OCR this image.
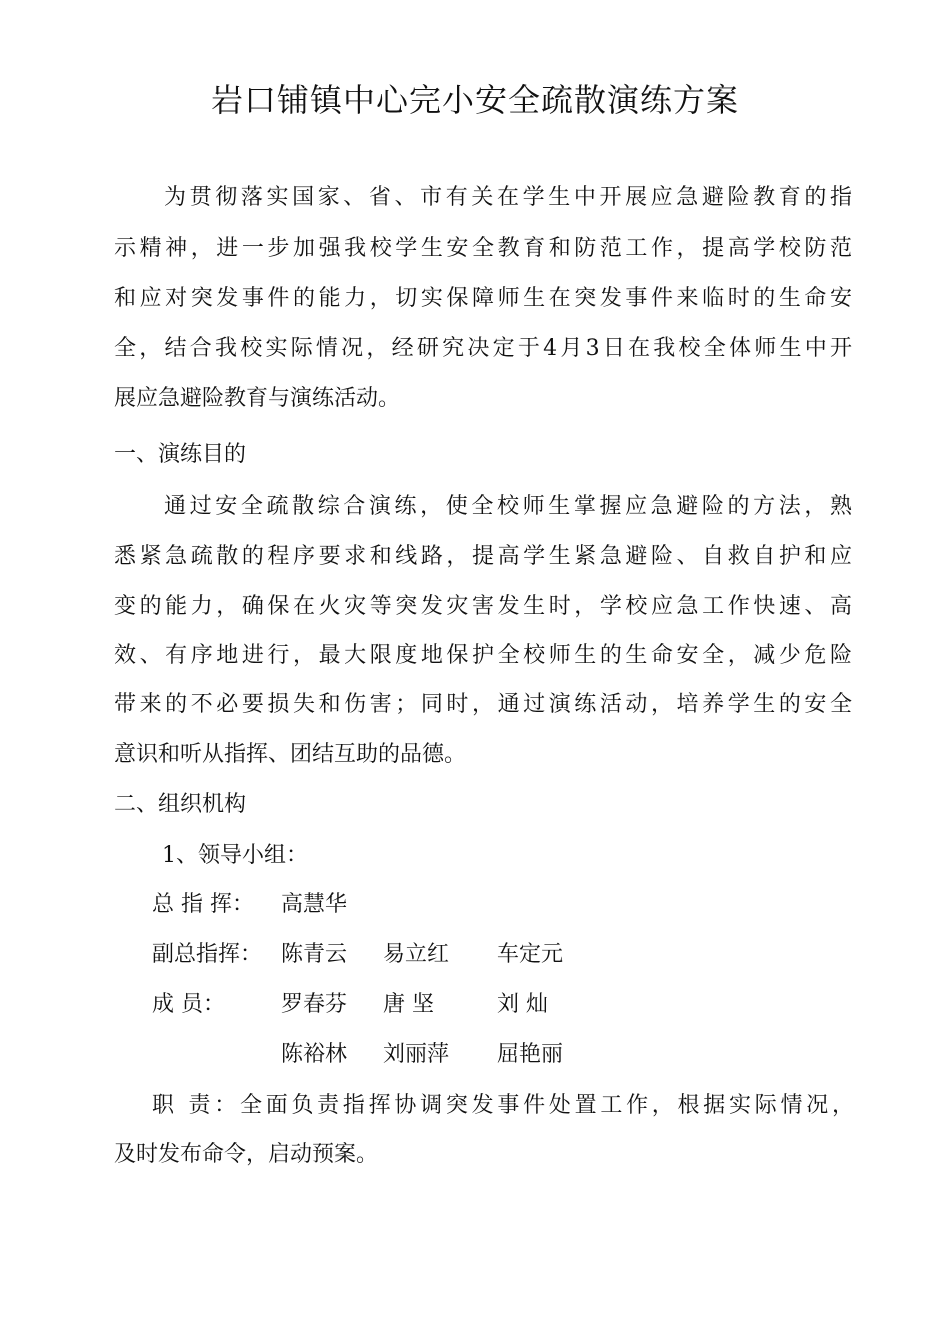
岩口铺镇中心完小安全疏散演练方案
为贯彻落实国家、省、市有关在学生中开展应急避险教育的指
示精神，进一步加强我校学生安全教育和防范工作，提高学校防范
和应对突发事件的能力，切实保障师生在突发事件来临时的生命安
全，结合我校实际情况，经研究决定于4月3日在我校全体师生中开
展应急避险教育与演练活动。
一、演练目的
通过安全疏散综合演练，使全校师生掌握应急避险的方法，熟
悉紧急疏散的程序要求和线路，提高学生紧急避险、自救自护和应
变的能力，确保在火灾等突发灾害发生时，学校应急工作快速、高
效、有序地进行，最大限度地保护全校师生的生命安全，减少危险
带来的不必要损失和伤害；同时，通过演练活动，培养学生的安全
意识和听从指挥、团结互助的品德。
二、组织机构
1、领导小组：
总 指 挥： 高慧华
副总指挥： 陈青云 易立红 车定元
成 员：	罗春芬 唐 坚	刘 灿
陈裕林 刘丽萍 屈艳丽
职 责：全面负责指挥协调突发事件处置工作，根据实际情况，
及时发布命令，启动预案。
